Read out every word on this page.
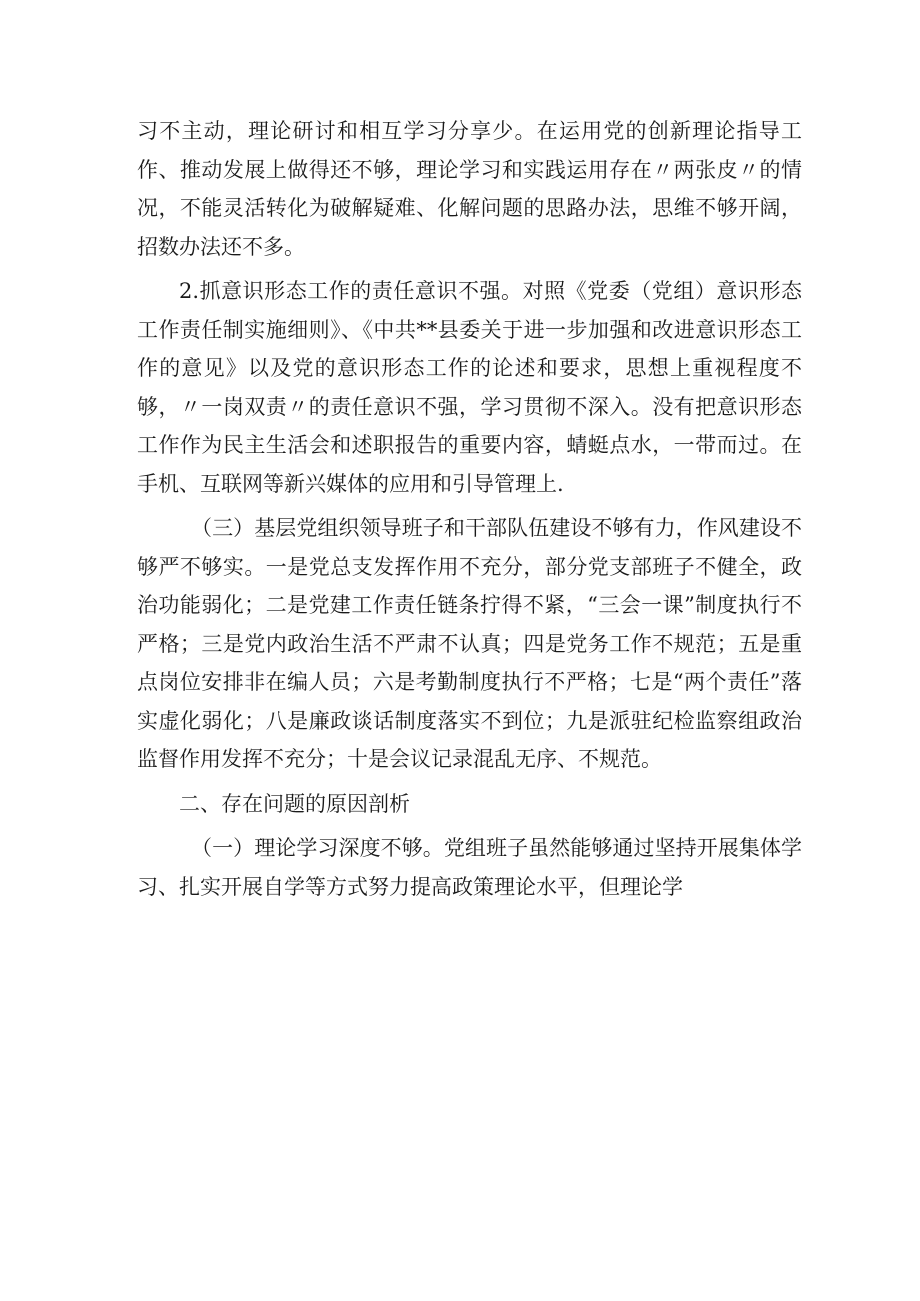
习不主动，理论研讨和相互学习分享少。在运用党的创新理论指导工作、推动发展上做得还不够，理论学习和实践运用存在〃两张皮〃的情况，不能灵活转化为破解疑难、化解问题的思路办法，思维不够开阔，招数办法还不多。

2.抓意识形态工作的责任意识不强。对照《党委（党组）意识形态工作责任制实施细则》、《中共**县委关于进一步加强和改进意识形态工作的意见》以及党的意识形态工作的论述和要求，思想上重视程度不够，〃一岗双责〃的责任意识不强，学习贯彻不深入。没有把意识形态工作作为民主生活会和述职报告的重要内容，蜻蜓点水，一带而过。在手机、互联网等新兴媒体的应用和引导管理上.

（三）基层党组织领导班子和干部队伍建设不够有力，作风建设不够严不够实。一是党总支发挥作用不充分，部分党支部班子不健全，政治功能弱化；二是党建工作责任链条拧得不紧，“三会一课”制度执行不严格；三是党内政治生活不严肃不认真；四是党务工作不规范；五是重点岗位安排非在编人员；六是考勤制度执行不严格；七是“两个责任”落实虚化弱化；八是廉政谈话制度落实不到位；九是派驻纪检监察组政治监督作用发挥不充分；十是会议记录混乱无序、不规范。

二、存在问题的原因剖析

（一）理论学习深度不够。党组班子虽然能够通过坚持开展集体学习、扎实开展自学等方式努力提高政策理论水平，但理论学
